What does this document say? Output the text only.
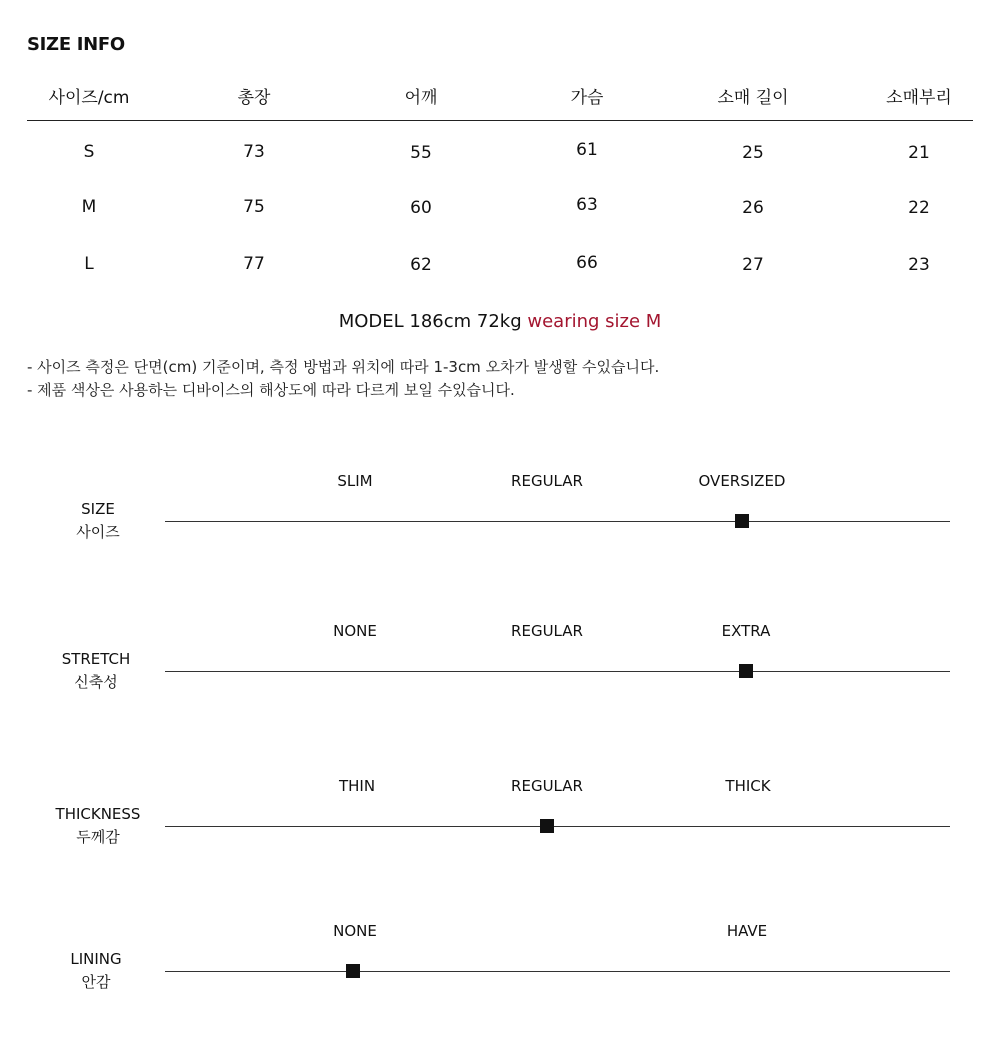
SIZE INFO
사이즈/cm	총장	어깨	가슴	소매 길이	소매부리
S	73	55	61	25	21
M	75	60	63	26	22
L	77	62	66	27	23
MODEL 186cm 72kg wearing size M
- 사이즈 측정은 단면(cm) 기준이며, 측정 방법과 위치에 따라 1-3cm 오차가 발생할 수있습니다.
- 제품 색상은 사용하는 디바이스의 해상도에 따라 다르게 보일 수있습니다.
SIZE
사이즈
SLIM	REGULAR	OVERSIZED
STRETCH
신축성
NONE	REGULAR	EXTRA
THICKNESS
두께감
THIN	REGULAR	THICK
LINING
안감
NONE	HAVE
